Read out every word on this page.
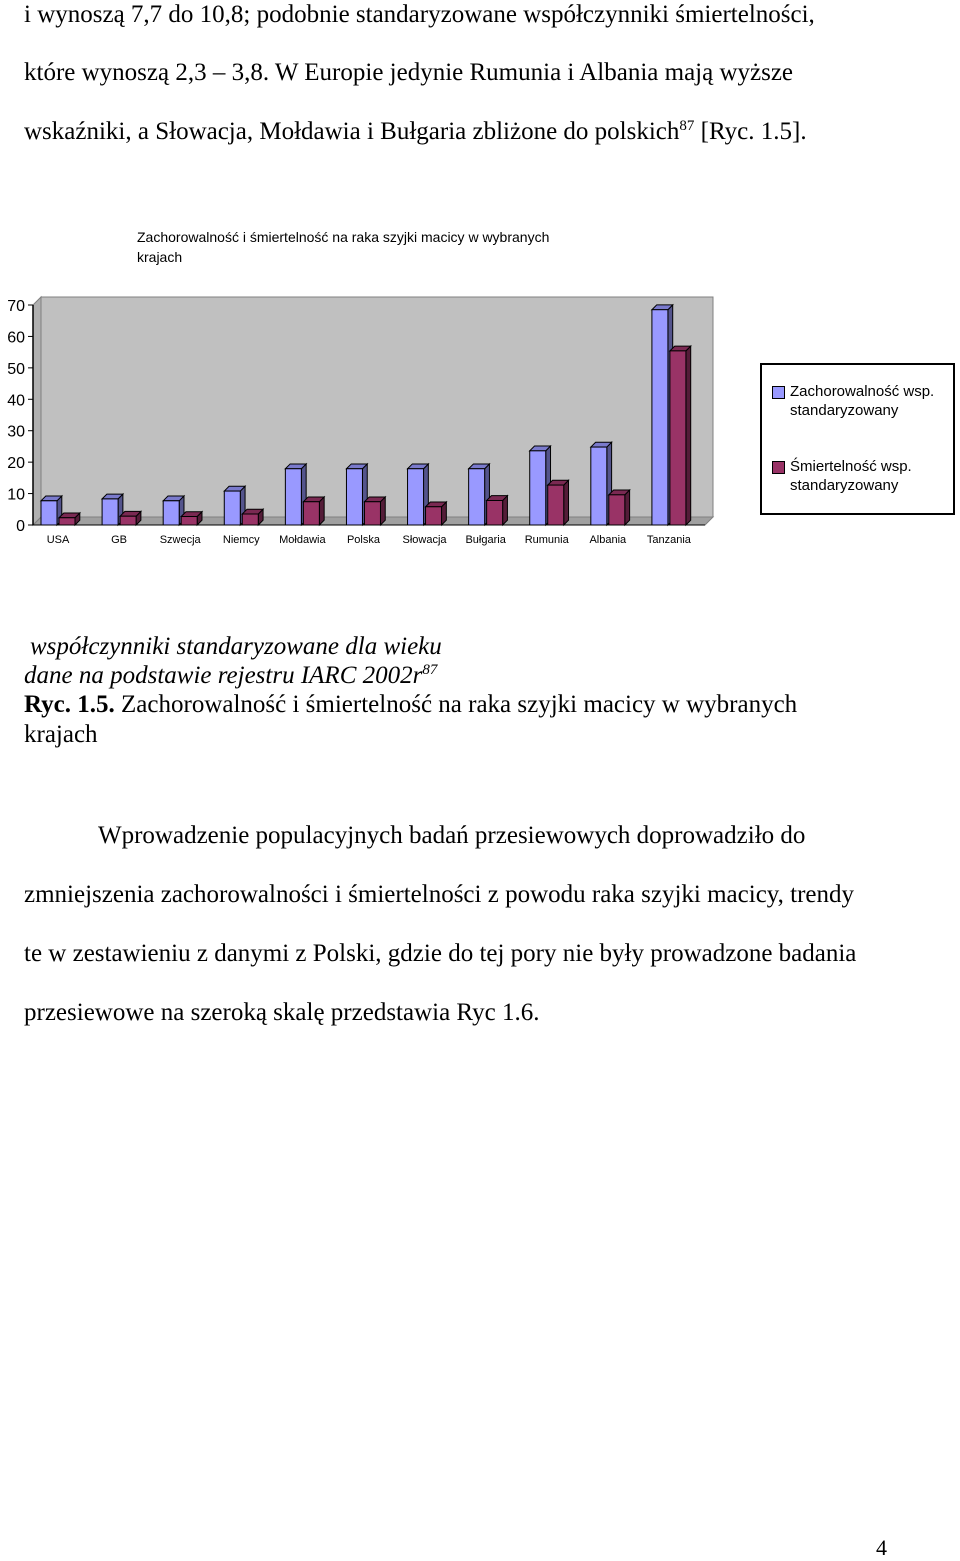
i wynoszą 7,7 do 10,8; podobnie standaryzowane współczynniki śmiertelności,
które wynoszą 2,3 – 3,8. W Europie jedynie Rumunia i Albania mają wyższe
wskaźniki, a Słowacja, Mołdawia i Bułgaria zbliżone do polskich$^{87}$ [Ryc. 1.5].
Zachorowalność i śmiertelność na raka szyjki macicy w wybranych krajach
70
60
50
40
30
20
10
0
USA	GB	Szwecja Niemcy Mołdawia Polska Słowacja Bułgaria Rumunia Albania Tanzania
Zachorowalność wsp. standaryzowany
Śmiertelność wsp. standaryzowany
współczynniki standaryzowane dla wieku
dane na podstawie rejestru IARC $2002r^{87}$
Ryc. 1.5. Zachorowalność i śmiertelność na raka szyjki macicy w wybranych
krajach
Wprowadzenie populacyjnych badań przesiewowych doprowadziło do
zmniejszenia zachorowalności i śmiertelności z powodu raka szyjki macicy, trendy
te w zestawieniu z danymi z Polski, gdzie do tej pory nie były prowadzone badania
przesiewowe na szeroką skalę przedstawia Ryc 1.6.
4
